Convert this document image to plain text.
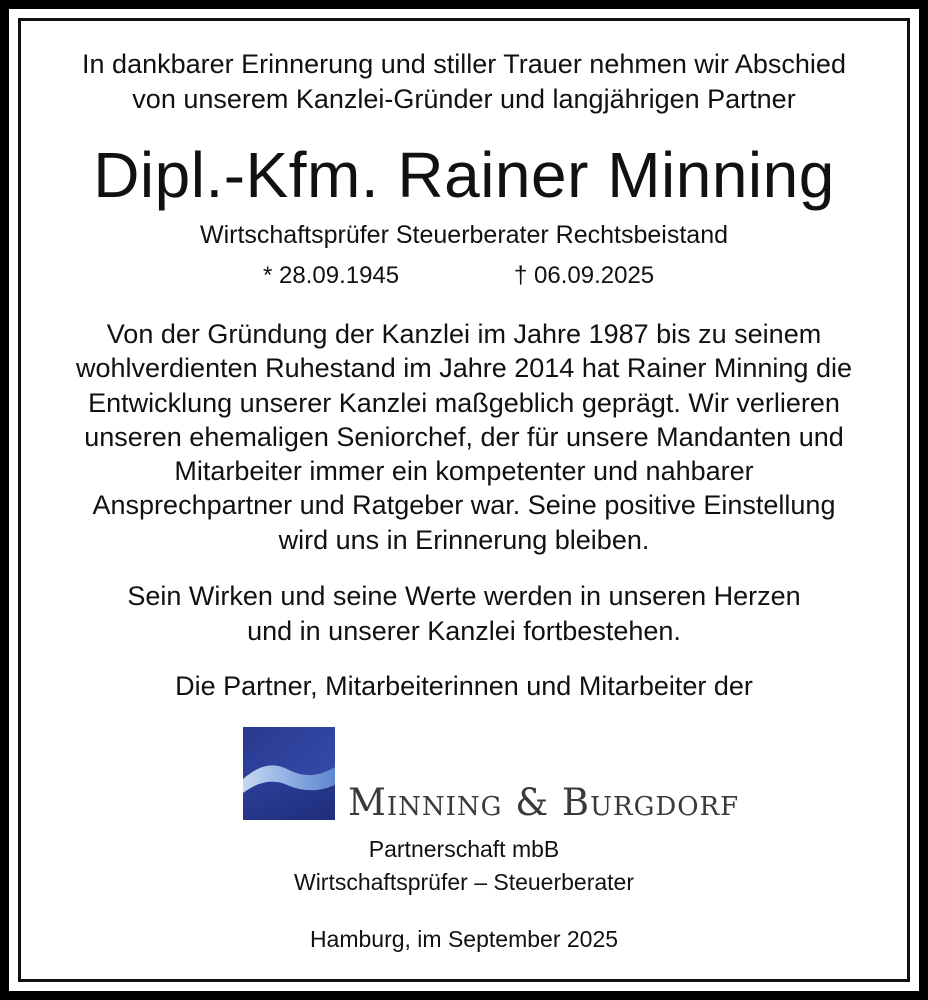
In dankbarer Erinnerung und stiller Trauer nehmen wir Abschied
von unserem Kanzlei-Gründer und langjährigen Partner
Dipl.-Kfm. Rainer Minning
Wirtschaftsprüfer Steuerberater Rechtsbeistand
* 28.09.1945	† 06.09.2025
Von der Gründung der Kanzlei im Jahre 1987 bis zu seinem
wohlverdienten Ruhestand im Jahre 2014 hat Rainer Minning die
Entwicklung unserer Kanzlei maßgeblich geprägt. Wir verlieren
unseren ehemaligen Seniorchef, der für unsere Mandanten und
Mitarbeiter immer ein kompetenter und nahbarer
Ansprechpartner und Ratgeber war. Seine positive Einstellung
wird uns in Erinnerung bleiben.
Sein Wirken und seine Werte werden in unseren Herzen
und in unserer Kanzlei fortbestehen.
Die Partner, Mitarbeiterinnen und Mitarbeiter der
Minning & Burgdorf
Partnerschaft mbB
Wirtschaftsprüfer – Steuerberater
Hamburg, im September 2025
